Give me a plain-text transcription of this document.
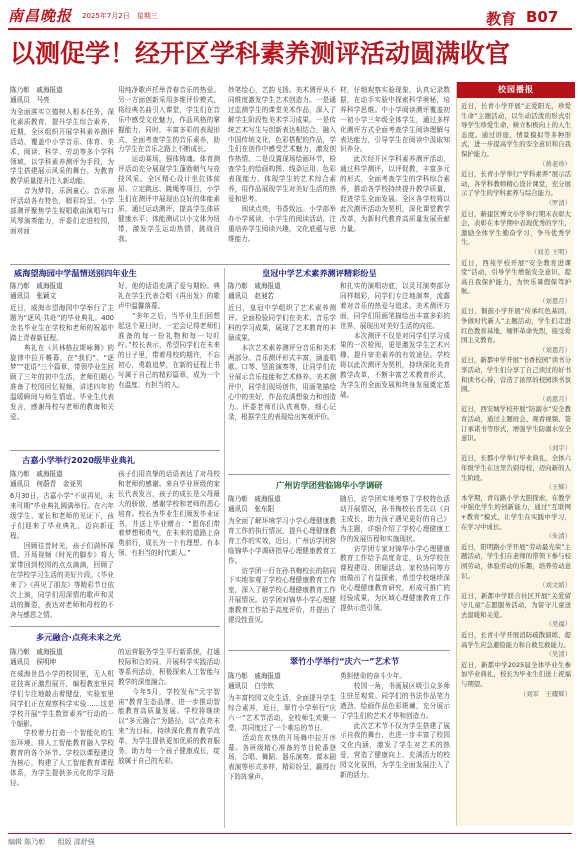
南昌晚报 2025年7月2日　星期三	教育 B07
以测促学！经开区学科素养测评活动圆满收官
陈乃彰　戚海报道
通讯员　马亮
为全面落实立德树人根本任务，深化素质教育，提升学生综合素养，近期，全区组织开展学科素养测评活动，覆盖中小学音乐、体育、美术、阅读、科学、劳动等多个学科领域，以学科素养测评为手段，为学生搭建展示风采的舞台。为教育教学质量提升注入新动能。
　　音为梦符，乐润童心。音乐测评活动各有特色，精彩纷呈。小学部测评聚焦学生视唱歌曲演唱与口风琴演奏能力，评委们走进校园，面对面
用纯净歌声托举青春音乐的热爱。另一方面创新采用多维评价模式，将经典名曲引入课堂，学生们在音乐中感受文化魅力，作品风格的掌握能力，同时，丰富多彩的表现形式，全面考查学生的音乐素养，助力学生在音乐之路上不断成长。
　　运动赛场，强体铸魂。体育测评活动充分展现学生蓬勃朝气与竞技风采。全区精心设计坐位体前屈、立定跳远、跳绳等项目，小学生们在测评中展现出良好的体能素质，通过运动测评，提高学生体质健康水平；体能测试以小文体为纽带，激发学生运动热情，挑战自我。
妙笔绘心，艺韵飞扬。美术测评从不同维度激发学生艺术创造力。一是通过监测学生的课堂美术作品，深入了解学生阶段性美术学习成果。一是传统艺术写生与创新表达相结合，融入中国传统文化，色彩搭配的作品，学生们在创作中感受艺术魅力，激发创作热情。二是设置现场绘画环节，检查学生的绘画构图、线条运用、色彩表现能力，体现学生的艺术综合素养，用作品展现学生对美好生活的热爱和思考。
　　阅读点亮，书香致远。小学部举办小学阅读，小学生的阅读活动，注重培养学生阅读兴趣，文化底蕴与思维能力。
材，仔细观察实验现象，认真记录数据，在动手实验中探索科学奥秘，培养科学思维。中小学阅读测评覆盖初一初小学三年级全体学生，通过多样化测评方式全面考查学生阅读理解与表达能力，引导学生在阅读中汲取知识养分。
　　此次经开区学科素养测评活动，通过科学测评，以评促教，丰富多元的形式，全面考查学生的学科综合素养，推动各学校持续提升教学质量，促进学生全面发展。全区各学校将以此次测评活动为契机，深化课堂教学改革，为新时代教育高质量发展贡献力量。
威海望海园中学温情送别四年业生
陈乃彰　戚海报道
通讯员　张颖文
近日，威海市望海园中学举行了主题为“逐风·共赴”的毕业典礼。400余名毕业生在学校和老师的祝福中踏上青春新征程。
　　典礼在《贝林格拉斯咏舞》的旋律中拉开帷幕，在“我们”、“逐梦”“花语”三个篇章，带领毕业生回顾了三年的初中生活，老师们精心准备了校园回忆视频，讲述四年的温暖瞬间与师生情谊。毕业生代表发言，感谢母校与老师的教诲和关爱。
好，他的话语充满了爱与期盼。典礼在学生代表合唱《再出发》的歌声中温馨落幕。
　　“多年之后，当毕业生们回想起这个夏日时，一定会记得老师们准备的每一份礼物和每一句叮咛。”校长表示，希望同学们在未来的日子里，带着母校的期许，不忘初心，勇敢追梦，在新的征程上书写属于自己的精彩篇章，成为一个有温度、有担当的人。
古嘉小学举行2020级毕业典礼
陈乃彰　戚海报道
通讯员　何蔚青　金亚男
6月30日，古嘉小学“不说再见，未来可期”毕业典礼圆满举行。在六年级学生、家长和老师的见证下，孩子们迎来了毕业典礼，迈向新征程。
　　回顾往昔时光，孩子们满怀深情。开场视频《时光的脚步》将大家带回到校园的点点滴滴，回顾了在学校学习生活的美好片段。《毕业来了》《再见了朋友》等精彩节目依次上演，同学们用深情的歌声和灵动的舞姿，表达对老师和母校的不舍与感恩之情。
孩子们用真挚的话语表达了对母校和老师的感谢。来自毕业班级的家长代表发言，孩子的成长是父母最大的骄傲，感谢学校和老师的悉心培育。校长为毕业生们颁发毕业证书，并送上毕业赠言：“愿你们带着梦想和勇气，在未来的道路上奋勇前行，成长为一个有理想、有本领、有担当的时代新人。”
多元融合·点亮未来之光
陈乃彰　戚海报道
通讯员　侯明坤
在威海世昌小学的校园里，无人机竞技赛正激烈展开，编程教室里同学们专注地敲击着键盘，实验室里同学们正在观察科学实验……这是学校开展“学生数智素养”行动的一个缩影。
　　学校着力打造一个智能化的生态环境，将人工智能教育融入学校教育的各个环节。学校以课程建设为核心，构建了人工智能教育课程体系，为学生提供多元化的学习路径。
的运营服务学生平行新系统，打通校际和合的同，开展科学实践活动等系列活动，积极探索人工智能与教学的深度融合。
　　今年5月，学校发布“元宇智宙”教育生态品牌，进一步推动智能教育高质量发展。学校将继续以“多元融合”为路径，以“点亮未来”为目标，持续深化教育教学改革，为学生提供更加优质的教育服务，助力每一个孩子健康成长，绽放属于自己的光彩。
皇冠中学艺术素养测评精彩纷呈
陈乃彰　戚海报道
通讯员　赵昶若
近日，皇冠中学组织了艺术素养测评。全面检验同学们在美术、音乐学科的学习成果，展现了艺术教育的丰硕成果。
　　本次艺术素养测评分音乐和美术两部分。音乐测评形式丰富，涵盖唱歌、口琴、竖笛演奏等，让同学们充分展示音乐技能和艺术修养。美术测评中，同学们现场创作，用画笔描绘心中的美好，作品充满想象力和创造力。评委老师们认真观察，细心记录，根据学生的表现给出客观评价。
和扎实的演唱功底，以灵耳演奏部分同样精彩，同学们专注地演奏，流露着对音乐的热爱与追求。美术测评方面，同学们用画笔描绘出丰富多彩的世界，展现出对美好生活的向往。
　　本次测评不仅是对同学们学习成果的一次检阅，更是激发学生艺术兴趣、提升审美素养的有效途径。学校将以此次测评为契机，持续深化美育教学改革，不断丰富艺术教育形式，为学生的全面发展和终身发展奠定基础。
广州访学团营临锦华小学调研
陈乃彰　戚海报道
通讯员　张东阳
为全面了解环境学习小学心理健康教育工作的执行情况，提升心理健康教育工作的实效，近日，广州访学团营临锦华小学调研指导心理健康教育工作。
　　访学团一行在孙书梅校长的陪同下实地参观了学校心理健康教育工作室，深入了解学校心理健康教育工作开展情况。访学团对锦华小学心理健康教育工作给予高度评价，并提出了建设性意见。
随后，访学团实地考察了学校特色活动开展情况，孙书梅校长首先以《自主成长，助力孩子遇见更好的自己》为主题，详细介绍了学校心理健康工作的发展历程和实施现状。
　　访学团专家对锦华小学心理健康教育工作给予高度肯定，认为学校在课程建设、团辅活动、家校协同等方面做出了有益探索，希望学校继续深化心理健康教育研究，形成可推广的经验成果，为区域心理健康教育工作提供示范引领。
翠竹小学举行“庆六一”艺术节
陈乃彰　戚海报道
通讯员　白宗钦
为丰富校园文化生活，全面提升学生综合素养，近日，翠竹小学举行“庆六一”艺术节活动，全校师生欢聚一堂，共同度过了一个难忘的节日。
　　活动在欢快的开场舞中拉开序幕。各班级精心准备的节目轮番登场，合唱、舞蹈、器乐演奏、课本剧表演等形式多样，精彩纷呈，赢得台下阵阵掌声。
勇担使命的奋斗少年。
　　校园一角，书画展区吸引众多师生驻足观赏。同学们的书法作品笔力遒劲，绘画作品色彩斑斓，充分展示了学生们的艺术才华和创造力。
　　此次艺术节不仅为学生搭建了展示自我的舞台，也进一步丰富了校园文化内涵，激发了学生对艺术的热爱，营造了健康向上、充满活力的校园文化氛围，为学生全面发展注入了新的活力。
校园播报
近日，长青小学开展“正爱阳光，珍爱生命”主题活动，以生动活泼的形式引导学生珍爱生命，树立积极向上的人生态度。通过讲座、情景模拟等多种形式，进一步提高学生的安全意识和自我保护能力。
（蒋老珍）
近日，长青小学举行“学科素养”展示活动，各学科教师精心设计课堂，充分展示了学生的学科素养与综合能力。
（罗清）
近日，新建区博文小学举行期末表彰大会，表彰在本学期中表现优秀的学生，激励全体学生勤奋学习，争当优秀学生。
（刘美 王明）
近日，西苑学校开展“安全教育进课堂”活动，引导学生增强安全意识，提高自我保护能力，为快乐暑假保驾护航。
（刘恩月）
近日，铜鼓小学开展“传承红色基因，争做时代新人”主题活动，学生们走进红色教育基地，缅怀革命先烈，接受爱国主义教育。
（刘恩月）
近日，新都中学开展“书香校园”读书分享活动，学生们分享了自己读过的好书和读书心得，营造了浓厚的校园读书氛围。
（刘恩月）
近日，西安城学校开展“防溺水”安全教育活动，通过主题班会、观看视频、签订承诺书等形式，增强学生防溺水安全意识。
（刘宇）
近日，长郡小学举行毕业典礼，全体六年级学生在这里告别母校，迈向新的人生阶段。
（王辉）
本学期，青岛路小学大胆探索，在教学中强化学生的创新能力，通过“互联网+教育”模式，让学生在实践中学习，在学习中成长。
（朱清）
近日，阳明路小学开展“劳动最光荣”主题活动，学生们在老师的带领下参与校园劳动，体验劳动的乐趣，培养劳动意识。
（刘文娟）
近日，新都中学联合社区开展“关爱留守儿童”志愿服务活动，为留守儿童送去温暖和关爱。
（吴福）
近日，长青小学开展消防疏散演练，提高学生应急避险能力和自救互救能力。
（吴清）
近日，新都中学2025届全体毕业生参加毕业典礼，校长为毕业生们送上祝福与期望。
（刘军　王耀辉）
编辑 陈乃彰 组版 邵舒强
